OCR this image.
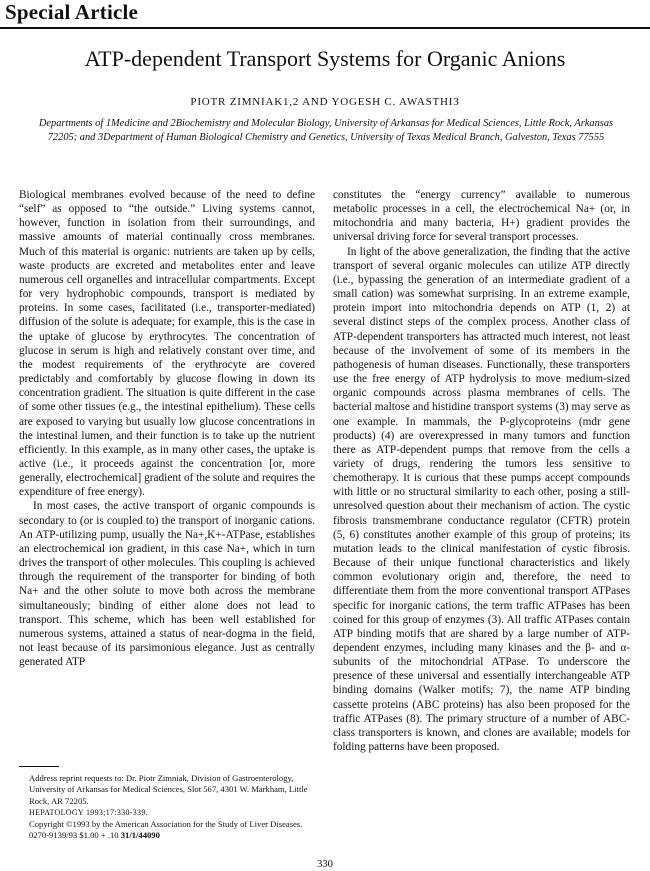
Special Article
ATP-dependent Transport Systems for Organic Anions
PIOTR ZIMNIAK1,2 AND YOGESH C. AWASTHI3
Departments of 1Medicine and 2Biochemistry and Molecular Biology, University of Arkansas for Medical Sciences, Little Rock, Arkansas 72205; and 3Department of Human Biological Chemistry and Genetics, University of Texas Medical Branch, Galveston, Texas 77555

Biological membranes evolved because of the need to define “self” as opposed to “the outside.” Living systems cannot, however, function in isolation from their surroundings, and massive amounts of material continually cross membranes. Much of this material is organic: nutrients are taken up by cells, waste products are excreted and metabolites enter and leave numerous cell organelles and intracellular compartments. Except for very hydrophobic compounds, transport is mediated by proteins. In some cases, facilitated (i.e., transporter-mediated) diffusion of the solute is adequate; for example, this is the case in the uptake of glucose by erythrocytes. The concentration of glucose in serum is high and relatively constant over time, and the modest requirements of the erythrocyte are covered predictably and comfortably by glucose flowing in down its concentration gradient. The situation is quite different in the case of some other tissues (e.g., the intestinal epithelium). These cells are exposed to varying but usually low glucose concentrations in the intestinal lumen, and their function is to take up the nutrient efficiently. In this example, as in many other cases, the uptake is active (i.e., it proceeds against the concentration [or, more generally, electrochemical] gradient of the solute and requires the expenditure of free energy).

In most cases, the active transport of organic compounds is secondary to (or is coupled to) the transport of inorganic cations. An ATP-utilizing pump, usually the Na+,K+-ATPase, establishes an electrochemical ion gradient, in this case Na+, which in turn drives the transport of other molecules. This coupling is achieved through the requirement of the transporter for binding of both Na+ and the other solute to move both across the membrane simultaneously; binding of either alone does not lead to transport. This scheme, which has been well established for numerous systems, attained a status of near-dogma in the field, not least because of its parsimonious elegance. Just as centrally generated ATP

constitutes the “energy currency” available to numerous metabolic processes in a cell, the electrochemical Na+ (or, in mitochondria and many bacteria, H+) gradient provides the universal driving force for several transport processes.

In light of the above generalization, the finding that the active transport of several organic molecules can utilize ATP directly (i.e., bypassing the generation of an intermediate gradient of a small cation) was somewhat surprising. In an extreme example, protein import into mitochondria depends on ATP (1, 2) at several distinct steps of the complex process. Another class of ATP-dependent transporters has attracted much interest, not least because of the involvement of some of its members in the pathogenesis of human diseases. Functionally, these transporters use the free energy of ATP hydrolysis to move medium-sized organic compounds across plasma membranes of cells. The bacterial maltose and histidine transport systems (3) may serve as one example. In mammals, the P-glycoproteins (mdr gene products) (4) are overexpressed in many tumors and function there as ATP-dependent pumps that remove from the cells a variety of drugs, rendering the tumors less sensitive to chemotherapy. It is curious that these pumps accept compounds with little or no structural similarity to each other, posing a still-unresolved question about their mechanism of action. The cystic fibrosis transmembrane conductance regulator (CFTR) protein (5, 6) constitutes another example of this group of proteins; its mutation leads to the clinical manifestation of cystic fibrosis. Because of their unique functional characteristics and likely common evolutionary origin and, therefore, the need to differentiate them from the more conventional transport ATPases specific for inorganic cations, the term traffic ATPases has been coined for this group of enzymes (3). All traffic ATPases contain ATP binding motifs that are shared by a large number of ATP-dependent enzymes, including many kinases and the β- and α-subunits of the mitochondrial ATPase. To underscore the presence of these universal and essentially interchangeable ATP binding domains (Walker motifs; 7), the name ATP binding cassette proteins (ABC proteins) has also been proposed for the traffic ATPases (8). The primary structure of a number of ABC-class transporters is known, and clones are available; models for folding patterns have been proposed.

Address reprint requests to: Dr. Piotr Zimniak, Division of Gastroenterology, University of Arkansas for Medical Sciences, Slot 567, 4301 W. Markham, Little Rock, AR 72205.
HEPATOLOGY 1993;17:330-339.
Copyright ©1993 by the American Association for the Study of Liver Diseases.
0270-9139/93 $1.00 + .10 31/1/44090
330
